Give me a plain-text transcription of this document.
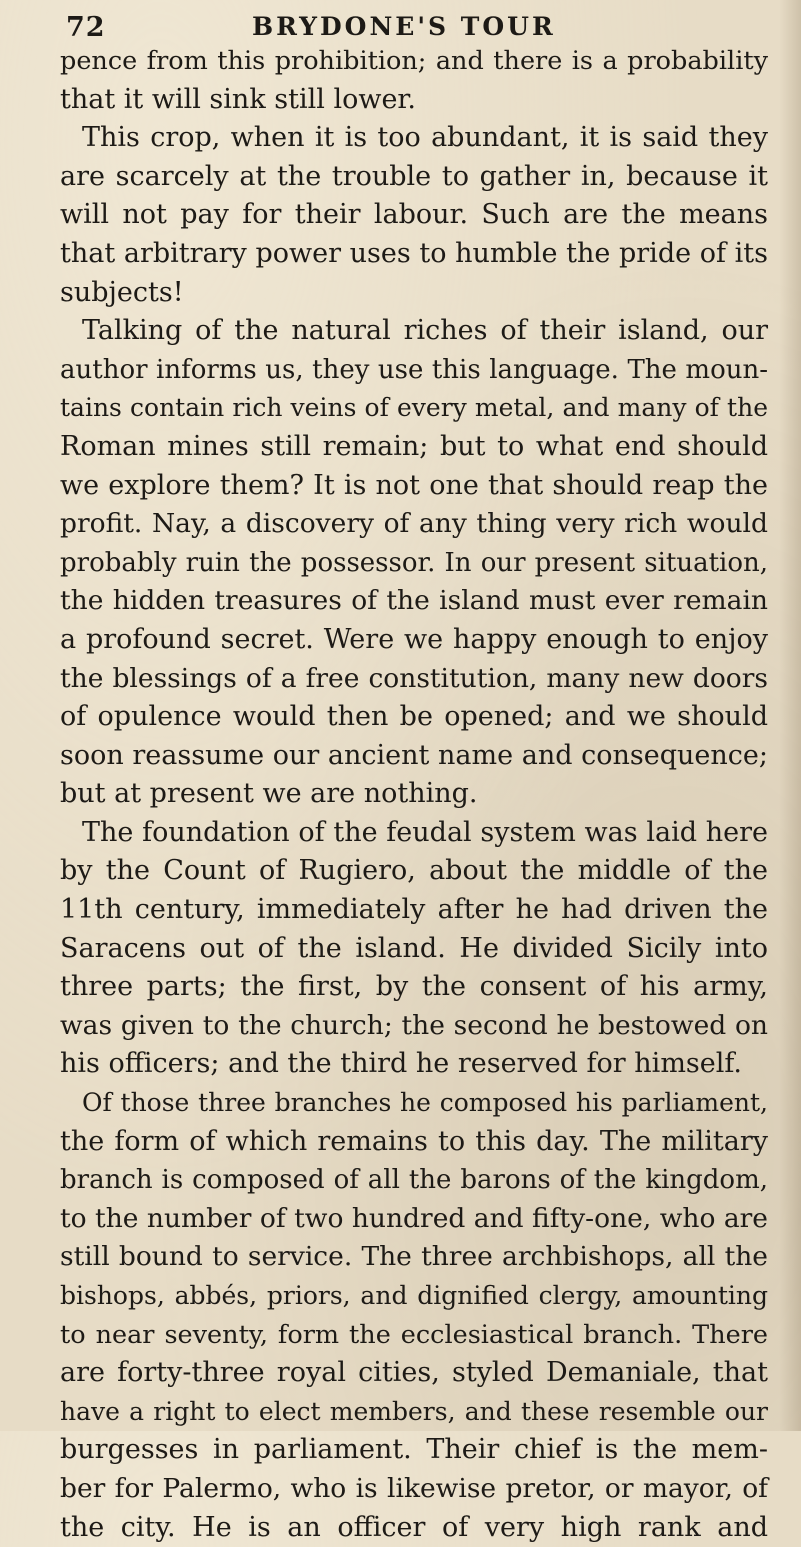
72	BRYDONE'S TOUR
pence from this prohibition; and there is a probability
that it will sink still lower.
This crop, when it is too abundant, it is said they
are scarcely at the trouble to gather in, because it
will not pay for their labour. Such are the means
that arbitrary power uses to humble the pride of its
subjects!
Talking of the natural riches of their island, our
author informs us, they use this language. The moun-
tains contain rich veins of every metal, and many of the
Roman mines still remain; but to what end should
we explore them? It is not one that should reap the
profit. Nay, a discovery of any thing very rich would
probably ruin the possessor. In our present situation,
the hidden treasures of the island must ever remain
a profound secret. Were we happy enough to enjoy
the blessings of a free constitution, many new doors
of opulence would then be opened; and we should
soon reassume our ancient name and consequence;
but at present we are nothing.
The foundation of the feudal system was laid here
by the Count of Rugiero, about the middle of the
11th century, immediately after he had driven the
Saracens out of the island. He divided Sicily into
three parts; the first, by the consent of his army,
was given to the church; the second he bestowed on
his officers; and the third he reserved for himself.
Of those three branches he composed his parliament,
the form of which remains to this day. The military
branch is composed of all the barons of the kingdom,
to the number of two hundred and fifty-one, who are
still bound to service. The three archbishops, all the
bishops, abbés, priors, and dignified clergy, amounting
to near seventy, form the ecclesiastical branch. There
are forty-three royal cities, styled Demaniale, that
have a right to elect members, and these resemble our
burgesses in parliament. Their chief is the mem-
ber for Palermo, who is likewise pretor, or mayor, of
the city. He is an officer of very high rank and
